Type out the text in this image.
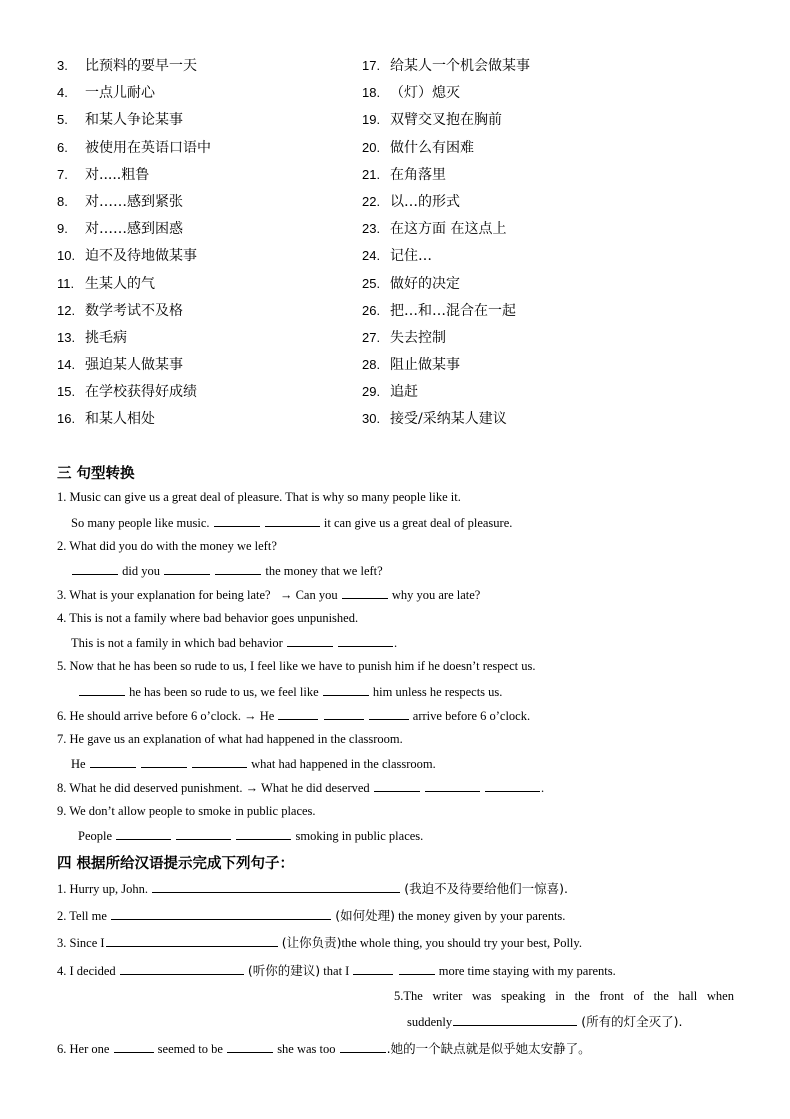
3. 比预料的要早一天
4. 一点儿耐心
5. 和某人争论某事
6. 被使用在英语口语中
7. 对.....粗鲁
8. 对……感到紧张
9. 对……感到困惑
10. 迫不及待地做某事
11. 生某人的气
12. 数学考试不及格
13. 挑毛病
14. 强迫某人做某事
15. 在学校获得好成绩
16. 和某人相处
17. 给某人一个机会做某事
18. （灯）熄灭
19. 双臂交叉抱在胸前
20. 做什么有困难
21. 在角落里
22. 以…的形式
23. 在这方面 在这点上
24. 记住…
25. 做好的决定
26. 把…和…混合在一起
27. 失去控制
28. 阻止做某事
29. 追赶
30. 接受/采纳某人建议
三 句型转换
1. Music can give us a great deal of pleasure. That is why so many people like it.
So many people like music.	it can give us a great deal of pleasure.
2. What did you do with the money we left?
did you	the money that we left?
3. What is your explanation for being late? → Can you	why you are late?
4. This is not a family where bad behavior goes unpunished.
This is not a family in which bad behavior	.
5. Now that he has been so rude to us, I feel like we have to punish him if he doesn’t respect us.
he has been so rude to us, we feel like	him unless he respects us.
6. He should arrive before 6 o’clock. → He	arrive before 6 o’clock.
7. He gave us an explanation of what had happened in the classroom.
He	what had happened in the classroom.
8. What he did deserved punishment. → What he did deserved	.
9. We don’t allow people to smoke in public places.
People	smoking in public places.
四 根据所给汉语提示完成下列句子：
1. Hurry up, John.	(我迫不及待要给他们一惊喜).
2. Tell me	(如何处理) the money given by your parents.
3. Since I	(让你负责)the whole thing, you should try your best, Polly.
4. I decided	(听你的建议) that I	more time staying with my parents.
5.The writer was speaking in the front of the hall when
suddenly	(所有的灯全灭了).
6. Her one	seemed to be	she was too	.她的一个缺点就是似乎她太安静了。
